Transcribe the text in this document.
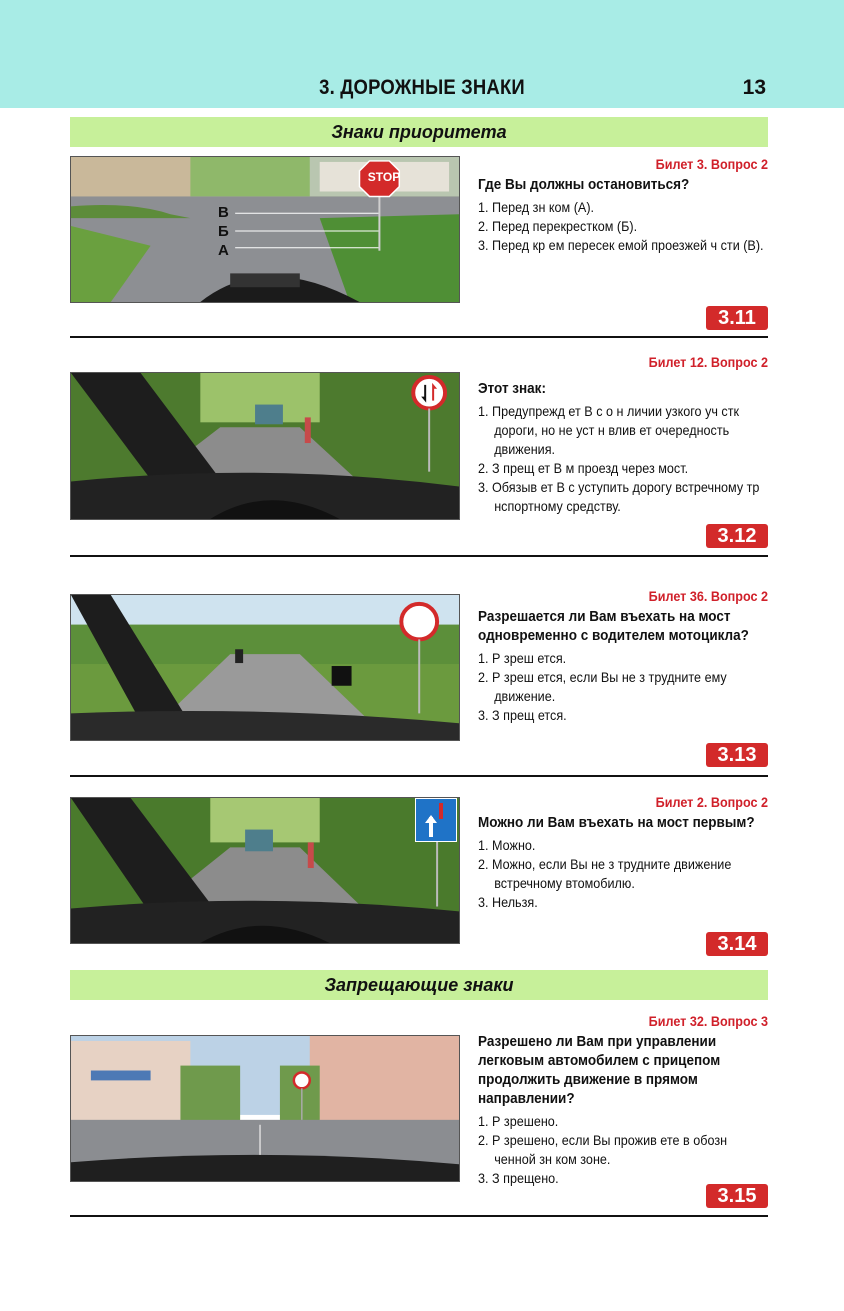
3. ДОРОЖНЫЕ ЗНАКИ	13
Знаки приоритета
STOP
В
Б
А
Билет 3. Вопрос 2
Где Вы должны остановиться?
1. Перед зн ком (А).
2. Перед перекрестком (Б).
3. Перед кр ем пересек емой проезжей ч сти (В).
3.11
Билет 12. Вопрос 2
Этот знак:
1. Предупрежд ет В с о н личии узкого уч стк дороги, но не уст н влив ет очередность движения.
2. З прещ ет В м проезд через мост.
3. Обязыв ет В с уступить дорогу встречному тр нспортному средству.
3.12
Билет 36. Вопрос 2
Разрешается ли Вам въехать на мост одновременно с водителем мотоцикла?
1. Р зреш ется.
2. Р зреш ется, если Вы не з трудните ему движение.
3. З прещ ется.
3.13
Билет 2. Вопрос 2
Можно ли Вам въехать на мост первым?
1. Можно.
2. Можно, если Вы не з трудните движение встречному втомобилю.
3. Нельзя.
3.14
Запрещающие знаки
Билет 32. Вопрос 3
Разрешено ли Вам при управлении легковым автомобилем с прицепом продолжить движение в прямом направлении?
1. Р зрешено.
2. Р зрешено, если Вы прожив ете в обозн ченной зн ком зоне.
3. З прещено.
3.15
